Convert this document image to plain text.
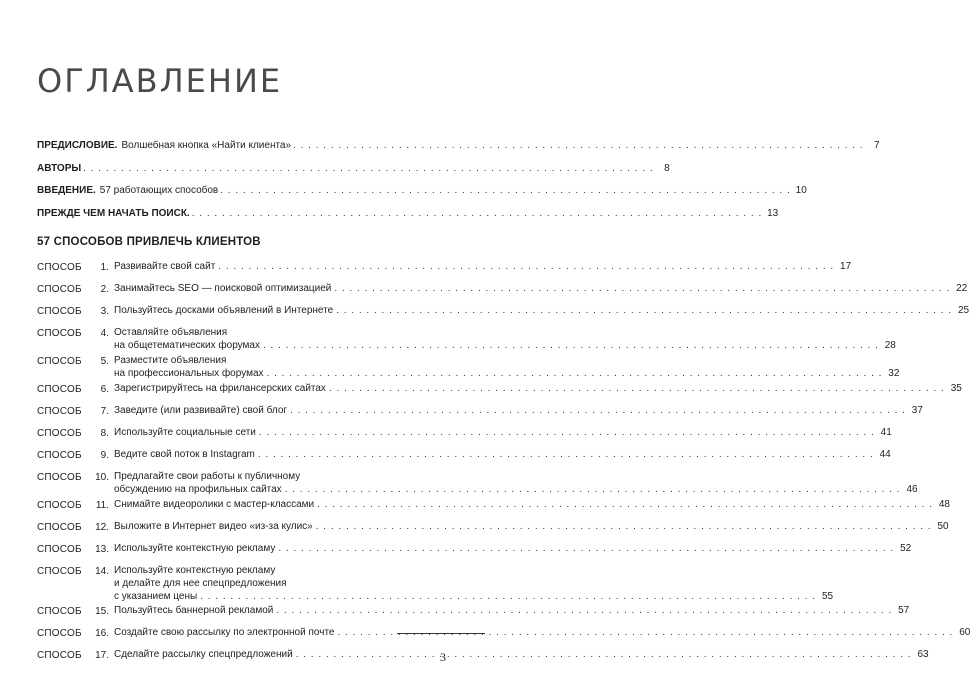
ОГЛАВЛЕНИЕ
ПРЕДИСЛОВИЕ. Волшебная кнопка «Найти клиента» . . .	7
АВТОРЫ . . .	8
ВВЕДЕНИЕ. 57 работающих способов . . .	10
ПРЕЖДЕ ЧЕМ НАЧАТЬ ПОИСК. . . .	13
57 СПОСОБОВ ПРИВЛЕЧЬ КЛИЕНТОВ
СПОСОБ	1. Развивайте свой сайт . . .	17
СПОСОБ	2. Занимайтесь SEO — поисковой оптимизацией . . .	22
СПОСОБ	3. Пользуйтесь досками объявлений в Интернете . . .	25
СПОСОБ	4. Оставляйте объявления
на общетематических форумах . . .	28
СПОСОБ	5. Разместите объявления
на профессиональных форумах . . .	32
СПОСОБ	6. Зарегистрируйтесь на фрилансерских сайтах . . .	35
СПОСОБ	7. Заведите (или развивайте) свой блог . . .	37
СПОСОБ	8. Используйте социальные сети . . .	41
СПОСОБ	9. Ведите свой поток в Instagram . . .	44
СПОСОБ	10. Предлагайте свои работы к публичному
обсуждению на профильных сайтах . . .	46
СПОСОБ	11. Снимайте видеоролики с мастер-классами . . .	48
СПОСОБ	12. Выложите в Интернет видео «из-за кулис» . . .	50
СПОСОБ	13. Используйте контекстную рекламу . . .	52
СПОСОБ	14. Используйте контекстную рекламу
и делайте для нее спецпредложения
с указанием цены . . .	55
СПОСОБ	15. Пользуйтесь баннерной рекламой . . .	57
СПОСОБ	16. Создайте свою рассылку по электронной почте . . .	60
СПОСОБ	17. Сделайте рассылку спецпредложений . . .	63
3
